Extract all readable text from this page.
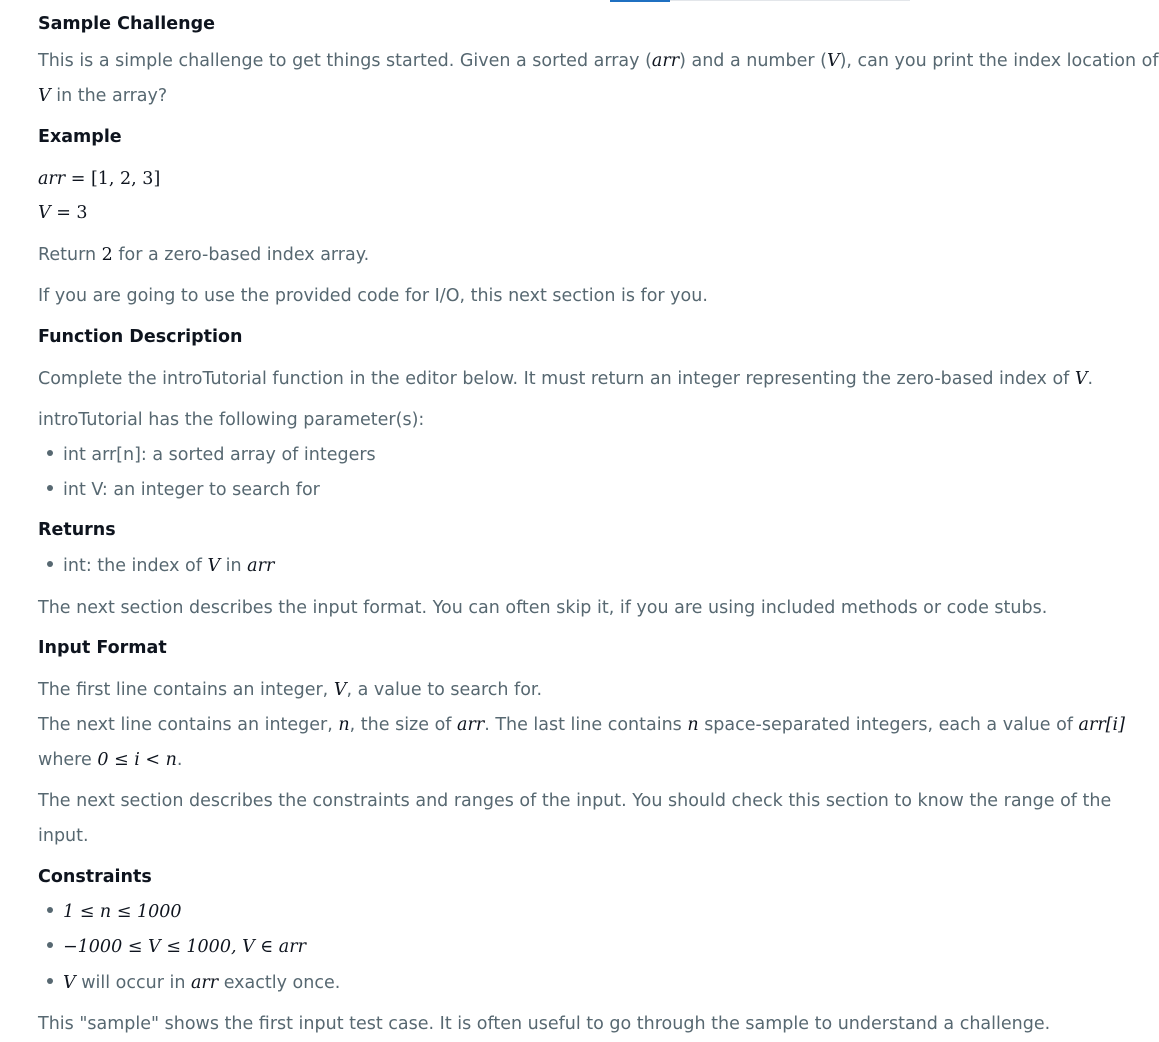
Sample Challenge
This is a simple challenge to get things started. Given a sorted array (arr) and a number (V), can you print the index location of
V in the array?
Example
arr = [1, 2, 3]
V = 3
Return 2 for a zero-based index array.
If you are going to use the provided code for I/O, this next section is for you.
Function Description
Complete the introTutorial function in the editor below. It must return an integer representing the zero-based index of V.
introTutorial has the following parameter(s):
int arr[n]: a sorted array of integers
int V: an integer to search for
Returns
int: the index of V in arr
The next section describes the input format. You can often skip it, if you are using included methods or code stubs.
Input Format
The first line contains an integer, V, a value to search for.
The next line contains an integer, n, the size of arr. The last line contains n space-separated integers, each a value of arr[i]
where 0 ≤ i < n.
The next section describes the constraints and ranges of the input. You should check this section to know the range of the
input.
Constraints
1 ≤ n ≤ 1000
−1000 ≤ V ≤ 1000, V ∈ arr
V will occur in arr exactly once.
This "sample" shows the first input test case. It is often useful to go through the sample to understand a challenge.
